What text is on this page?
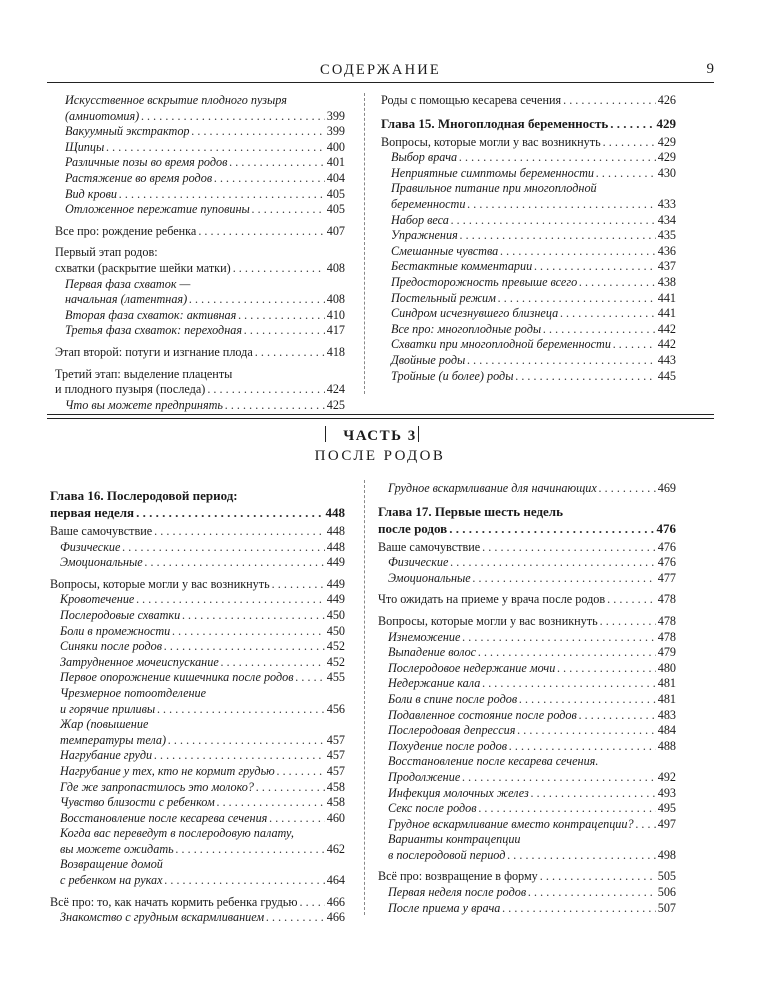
СОДЕРЖАНИЕ	9
Искусственное вскрытие плодного пузыря
(амниотомия) . . .	399
Вакуумный экстрактор . . .	399
Щипцы . . .	400
Различные позы во время родов . . .	401
Растяжение во время родов . . .	404
Вид крови . . .	405
Отложенное пережатие пуповины . . .	405
Все про: рождение ребенка . . .	407
Первый этап родов:
схватки (раскрытие шейки матки) . . .	408
Первая фаза схваток —
начальная (латентная) . . .	408
Вторая фаза схваток: активная . . .	410
Третья фаза схваток: переходная . . .	417
Этап второй: потуги и изгнание плода . . .	418
Третий этап: выделение плаценты
и плодного пузыря (последа) . . .	424
Что вы можете предпринять . . .	425
Роды с помощью кесарева сечения . . .	426
Глава 15. Многоплодная беременность . . .	429
Вопросы, которые могли у вас возникнуть . . .	429
Выбор врача . . .	429
Неприятные симптомы беременности . . .	430
Правильное питание при многоплодной
беременности . . .	433
Набор веса . . .	434
Упражнения . . .	435
Смешанные чувства . . .	436
Бестактные комментарии . . .	437
Предосторожность превыше всего . . .	438
Постельный режим . . .	441
Синдром исчезнувшего близнеца . . .	441
Все про: многоплодные роды . . .	442
Схватки при многоплодной беременности . . .	442
Двойные роды . . .	443
Тройные (и более) роды . . .	445
ЧАСТЬ 3
ПОСЛЕ РОДОВ
Глава 16. Послеродовой период:
первая неделя . . .	448
Ваше самочувствие . . .	448
Физические . . .	448
Эмоциональные . . .	449
Вопросы, которые могли у вас возникнуть . . .	449
Кровотечение . . .	449
Послеродовые схватки . . .	450
Боли в промежности . . .	450
Синяки после родов . . .	452
Затрудненное мочеиспускание . . .	452
Первое опорожнение кишечника после родов . . .	455
Чрезмерное потоотделение
и горячие приливы . . .	456
Жар (повышение
температуры тела) . . .	457
Нагрубание груди . . .	457
Нагрубание у тех, кто не кормит грудью . . .	457
Где же запропастилось это молоко? . . .	458
Чувство близости с ребенком . . .	458
Восстановление после кесарева сечения . . .	460
Когда вас переведут в послеродовую палату,
вы можете ожидать . . .	462
Возвращение домой
с ребенком на руках . . .	464
Всё про: то, как начать кормить ребенка грудью . . . 466
Знакомство с грудным вскармливанием . . .	466
Грудное вскармливание для начинающих . . .	469
Глава 17. Первые шесть недель
после родов . . .	476
Ваше самочувствие . . .	476
Физические . . .	476
Эмоциональные . . .	477
Что ожидать на приеме у врача после родов . . .	478
Вопросы, которые могли у вас возникнуть . . .	478
Изнеможение . . .	478
Выпадение волос . . .	479
Послеродовое недержание мочи . . .	480
Недержание кала . . .	481
Боли в спине после родов . . .	481
Подавленное состояние после родов . . .	483
Послеродовая депрессия . . .	484
Похудение после родов . . .	488
Восстановление после кесарева сечения.
Продолжение . . .	492
Инфекция молочных желез . . .	493
Секс после родов . . .	495
Грудное вскармливание вместо контрацепции? . . . 497
Варианты контрацепции
в послеродовой период . . .	498
Всё про: возвращение в форму . . .	505
Первая неделя после родов . . .	506
После приема у врача . . .	507
